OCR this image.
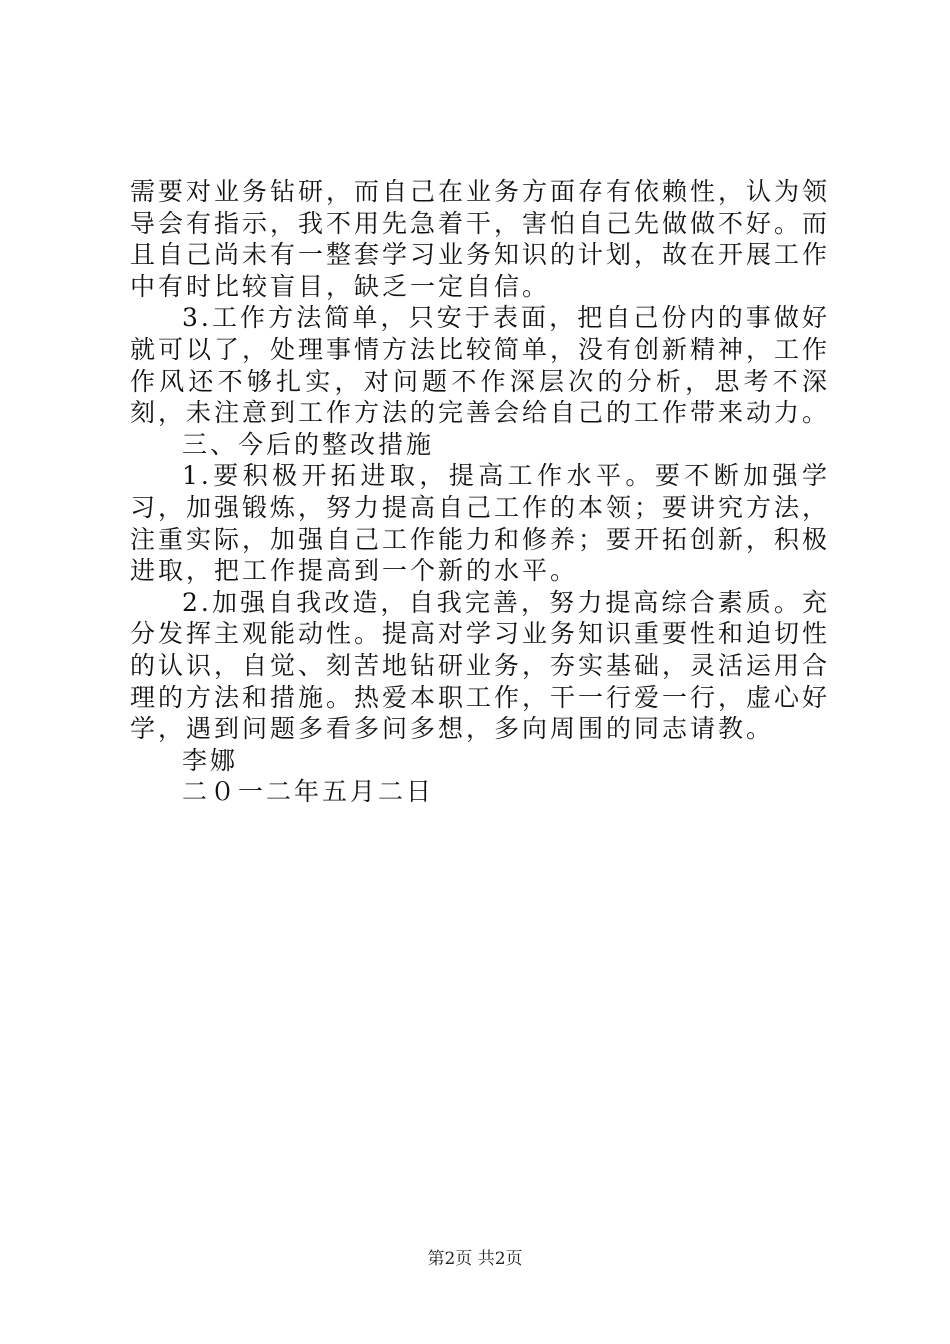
需要对业务钻研，而自己在业务方面存有依赖性，认为领导会有指示，我不用先急着干，害怕自己先做做不好。而且自己尚未有一整套学习业务知识的计划，故在开展工作中有时比较盲目，缺乏一定自信。

3.工作方法简单，只安于表面，把自己份内的事做好就可以了，处理事情方法比较简单，没有创新精神，工作作风还不够扎实，对问题不作深层次的分析，思考不深刻，未注意到工作方法的完善会给自己的工作带来动力。

三、今后的整改措施

1.要积极开拓进取，提高工作水平。要不断加强学习，加强锻炼，努力提高自己工作的本领；要讲究方法，注重实际，加强自己工作能力和修养；要开拓创新，积极进取，把工作提高到一个新的水平。

2.加强自我改造，自我完善，努力提高综合素质。充分发挥主观能动性。提高对学习业务知识重要性和迫切性的认识，自觉、刻苦地钻研业务，夯实基础，灵活运用合理的方法和措施。热爱本职工作，干一行爱一行，虚心好学，遇到问题多看多问多想，多向周围的同志请教。

李娜

二０一二年五月二日

第2页 共2页
